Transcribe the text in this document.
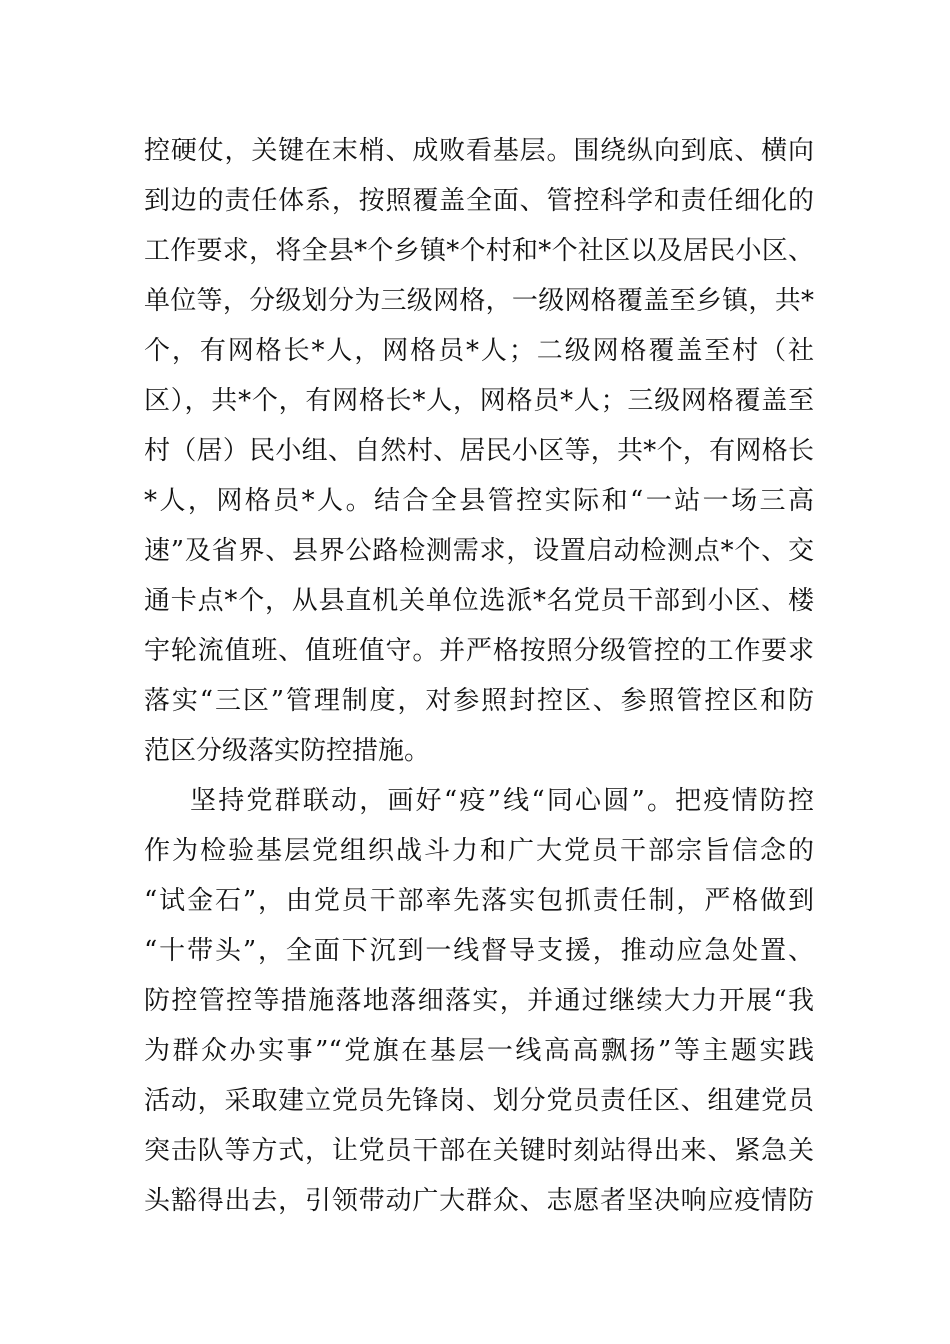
控硬仗，关键在末梢、成败看基层。围绕纵向到底、横向
到边的责任体系，按照覆盖全面、管控科学和责任细化的
工作要求，将全县*个乡镇*个村和*个社区以及居民小区、
单位等，分级划分为三级网格，一级网格覆盖至乡镇，共*
个，有网格长*人，网格员*人；二级网格覆盖至村（社
区），共*个，有网格长*人，网格员*人；三级网格覆盖至
村（居）民小组、自然村、居民小区等，共*个，有网格长
*人，网格员*人。结合全县管控实际和“一站一场三高
速”及省界、县界公路检测需求，设置启动检测点*个、交
通卡点*个，从县直机关单位选派*名党员干部到小区、楼
宇轮流值班、值班值守。并严格按照分级管控的工作要求
落实“三区”管理制度，对参照封控区、参照管控区和防
范区分级落实防控措施。
坚持党群联动，画好“疫”线“同心圆”。把疫情防控
作为检验基层党组织战斗力和广大党员干部宗旨信念的
“试金石”，由党员干部率先落实包抓责任制，严格做到
“十带头”，全面下沉到一线督导支援，推动应急处置、
防控管控等措施落地落细落实，并通过继续大力开展“我
为群众办实事”“党旗在基层一线高高飘扬”等主题实践
活动，采取建立党员先锋岗、划分党员责任区、组建党员
突击队等方式，让党员干部在关键时刻站得出来、紧急关
头豁得出去，引领带动广大群众、志愿者坚决响应疫情防
